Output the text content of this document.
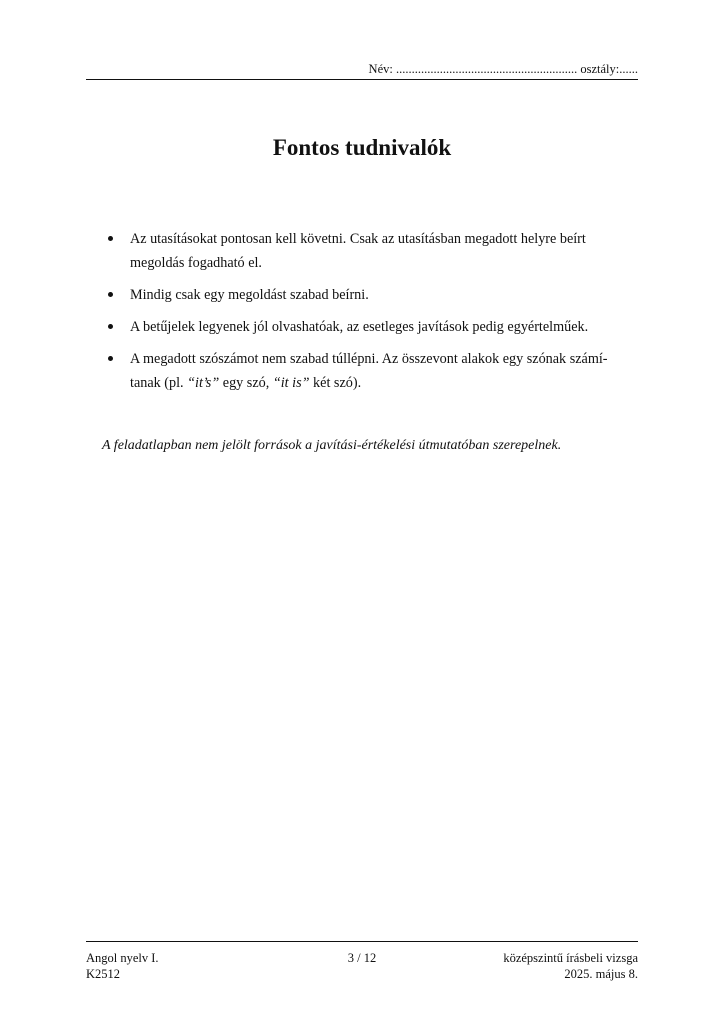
Név: .......................................................... osztály:......
Fontos tudnivalók
Az utasításokat pontosan kell követni. Csak az utasításban megadott helyre beírt megoldás fogadható el.
Mindig csak egy megoldást szabad beírni.
A betűjelek legyenek jól olvashatóak, az esetleges javítások pedig egyértelműek.
A megadott szószámot nem szabad túllépni. Az összevont alakok egy szónak számí-tanak (pl. “it’s” egy szó, “it is” két szó).
A feladatlapban nem jelölt források a javítási-értékelési útmutatóban szerepelnek.
Angol nyelv I.
K2512
3 / 12	középszintű írásbeli vizsga
2025. május 8.
